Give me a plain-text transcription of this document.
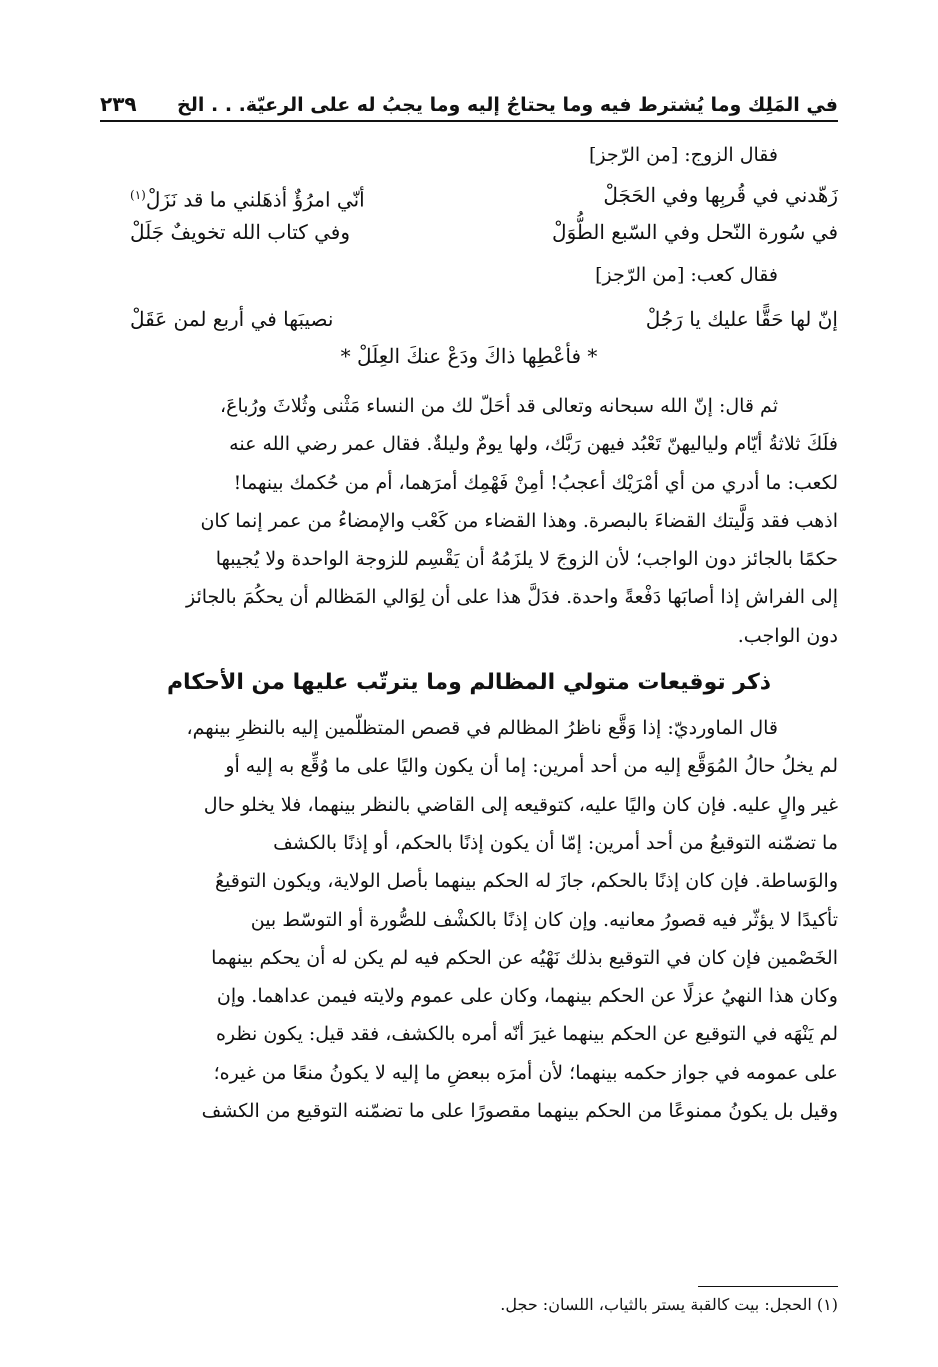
في المَلِك وما يُشترط فيه وما يحتاجُ إليه وما يجبُ له على الرعيّة. . . الخ
٢٣٩

فقال الزوج: [من الرّجز]

زَهّدني في قُربِها وفي الحَجَلْ
أنّي امرُؤٌ أذهَلني ما قد نَزَلْ$^{(١)}$
في سُورة النّحل وفي السّبع الطُّوَلْ
وفي كتاب الله تخويفٌ جَلَلْ

فقال كعب: [من الرّجز]

إنّ لها حَقًّا عليك يا رَجُلْ
نصيبَها في أربع لمن عَقَلْ
* فأعْطِها ذاكَ ودَعْ عنكَ العِلَلْ *

ثم قال: إنّ الله سبحانه وتعالى قد أحَلّ لك من النساء مَثْنى وثُلاثَ ورُباعَ،

فلَكَ ثلاثةُ أيّام ولياليهنّ تَعْبُد فيهن رَبَّك، ولها يومٌ وليلةٌ. فقال عمر رضي الله عنه

لكعب: ما أدري من أي أمْرَيْك أعجبُ! أمِنْ فَهْمِك أمرَهما، أم من حُكمك بينهما!

اذهب فقد وَلَّيتك القضاءَ بالبصرة. وهذا القضاء من كَعْب والإمضاءُ من عمر إنما كان

حكمًا بالجائز دون الواجب؛ لأن الزوجَ لا يلزَمُهُ أن يَقْسِم للزوجة الواحدة ولا يُجيبها

إلى الفراش إذا أصابَها دَفْعةً واحدة. فدَلَّ هذا على أن لِوَالي المَظالم أن يحكُمَ بالجائز

دون الواجب.

ذكر توقيعات متولي المظالم وما يترتّب عليها من الأحكام

قال الماورديّ: إذا وَقَّع ناظرُ المظالم في قصص المتظلّمين إليه بالنظرِ بينهم،

لم يخلُ حالُ المُوَقَّع إليه من أحد أمرين: إما أن يكون واليًا على ما وُقِّع به إليه أو

غير والٍ عليه. فإن كان واليًا عليه، كتوقيعه إلى القاضي بالنظر بينهما، فلا يخلو حال

ما تضمّنه التوقيعُ من أحد أمرين: إمّا أن يكون إذنًا بالحكم، أو إذنًا بالكشف

والوَساطة. فإن كان إذنًا بالحكم، جازَ له الحكم بينهما بأصل الولاية، ويكون التوقيعُ

تأكيدًا لا يؤثّر فيه قصورُ معانيه. وإن كان إذنًا بالكشْف للصُّورة أو التوسّط بين

الخَصْمين فإن كان في التوقيع بذلك نَهْيُه عن الحكم فيه لم يكن له أن يحكم بينهما

وكان هذا النهيُ عزلًا عن الحكم بينهما، وكان على عموم ولايته فيمن عداهما. وإن

لم يَنْهَه في التوقيع عن الحكم بينهما غيرَ أنّه أمره بالكشف، فقد قيل: يكون نظره

على عمومه في جواز حكمه بينهما؛ لأن أمرَه ببعضِ ما إليه لا يكونُ منعًا من غيره؛

وقيل بل يكونُ ممنوعًا من الحكم بينهما مقصورًا على ما تضمّنه التوقيع من الكشف

(١) الحجل: بيت كالقبة يستر بالثياب، اللسان: حجل.
